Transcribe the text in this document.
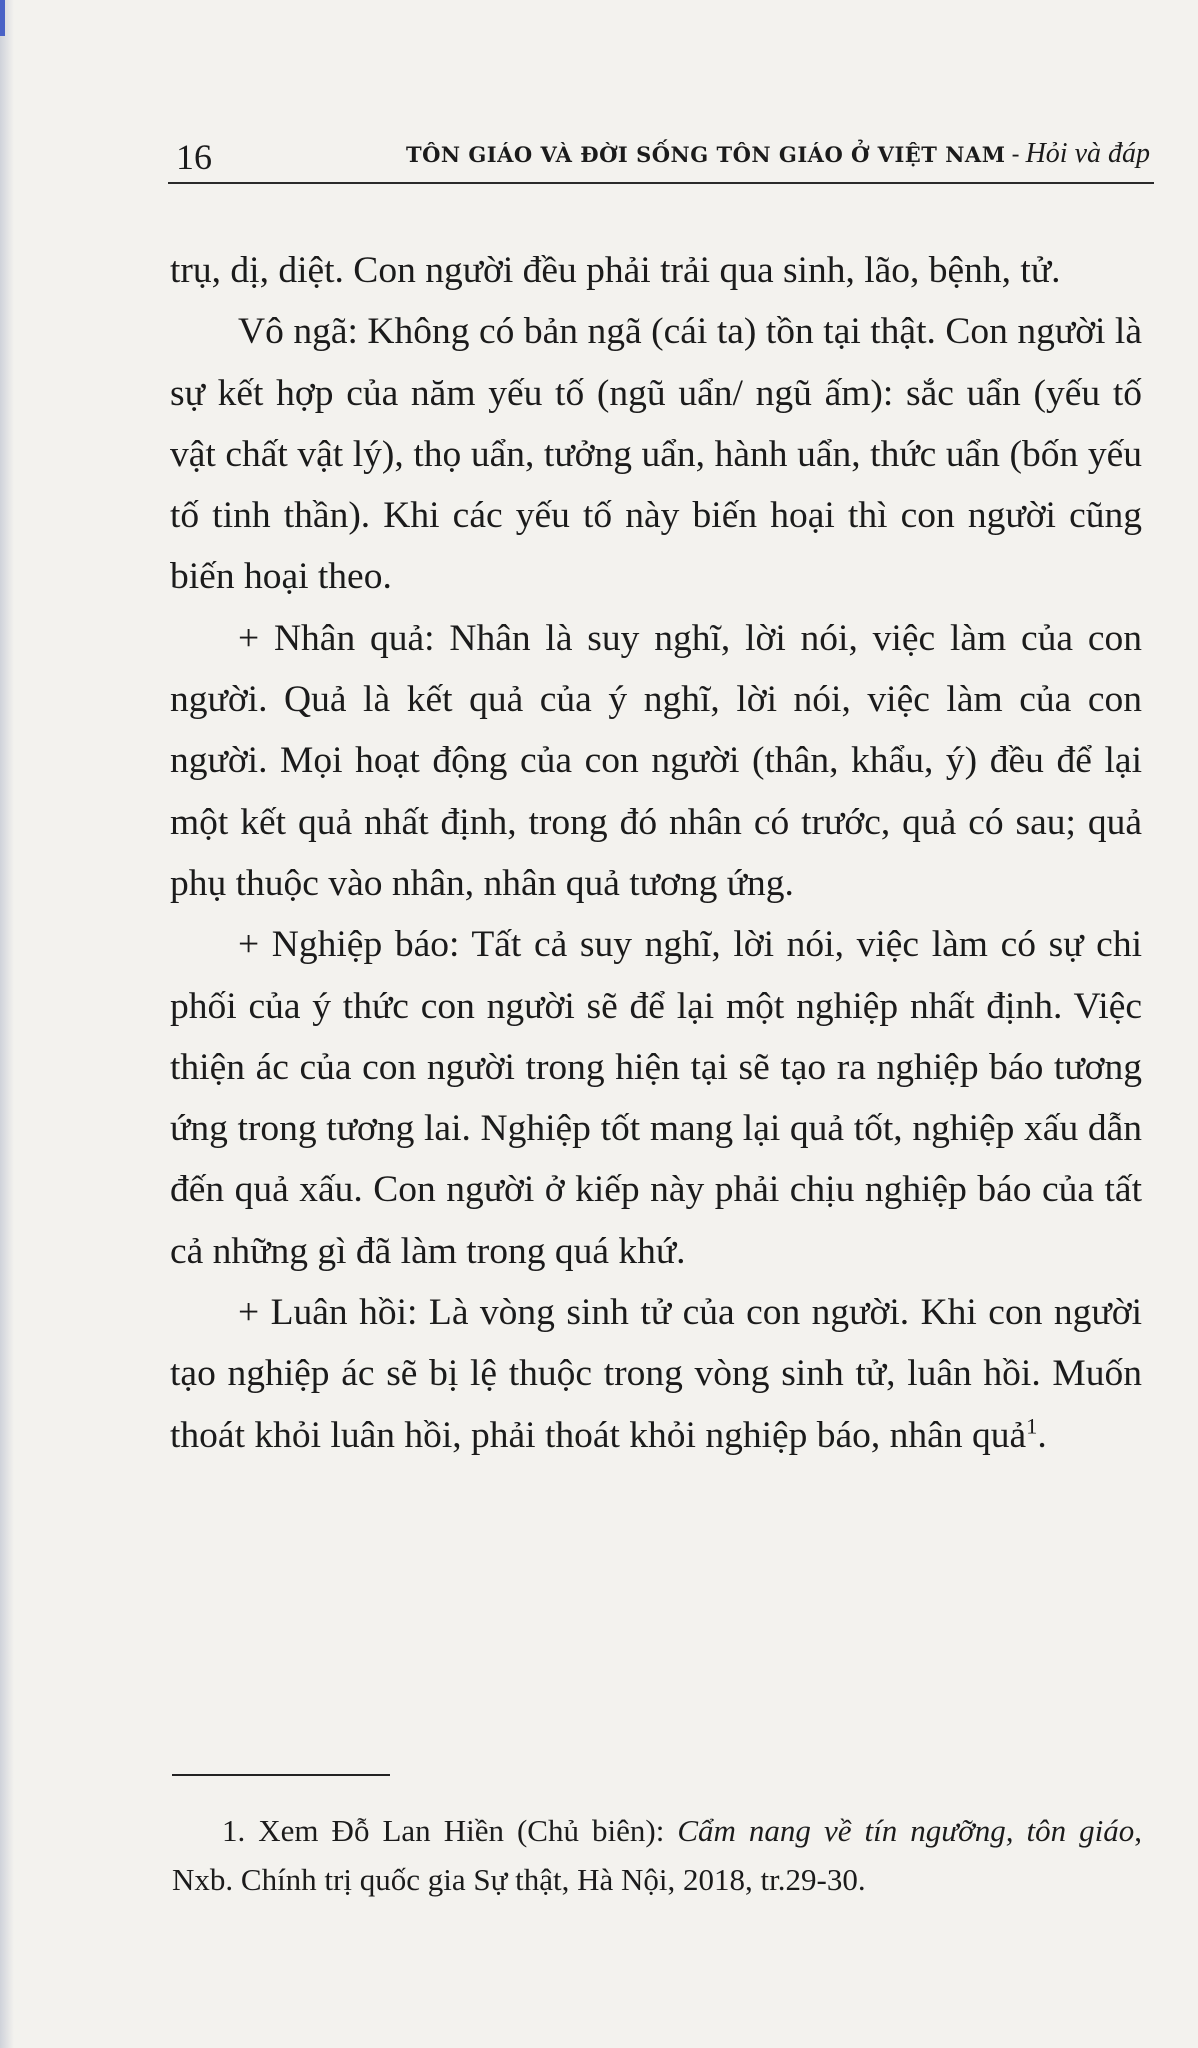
16	TÔN GIÁO VÀ ĐỜI SỐNG TÔN GIÁO Ở VIỆT NAM - Hỏi và đáp

trụ, dị, diệt. Con người đều phải trải qua sinh, lão, bệnh, tử.

Vô ngã: Không có bản ngã (cái ta) tồn tại thật. Con người là sự kết hợp của năm yếu tố (ngũ uẩn/ ngũ ấm): sắc uẩn (yếu tố vật chất vật lý), thọ uẩn, tưởng uẩn, hành uẩn, thức uẩn (bốn yếu tố tinh thần). Khi các yếu tố này biến hoại thì con người cũng biến hoại theo.

+ Nhân quả: Nhân là suy nghĩ, lời nói, việc làm của con người. Quả là kết quả của ý nghĩ, lời nói, việc làm của con người. Mọi hoạt động của con người (thân, khẩu, ý) đều để lại một kết quả nhất định, trong đó nhân có trước, quả có sau; quả phụ thuộc vào nhân, nhân quả tương ứng.

+ Nghiệp báo: Tất cả suy nghĩ, lời nói, việc làm có sự chi phối của ý thức con người sẽ để lại một nghiệp nhất định. Việc thiện ác của con người trong hiện tại sẽ tạo ra nghiệp báo tương ứng trong tương lai. Nghiệp tốt mang lại quả tốt, nghiệp xấu dẫn đến quả xấu. Con người ở kiếp này phải chịu nghiệp báo của tất cả những gì đã làm trong quá khứ.

+ Luân hồi: Là vòng sinh tử của con người. Khi con người tạo nghiệp ác sẽ bị lệ thuộc trong vòng sinh tử, luân hồi. Muốn thoát khỏi luân hồi, phải thoát khỏi nghiệp báo, nhân quả$^1$.

1. Xem Đỗ Lan Hiền (Chủ biên): Cẩm nang về tín ngưỡng, tôn giáo, Nxb. Chính trị quốc gia Sự thật, Hà Nội, 2018, tr.29-30.
